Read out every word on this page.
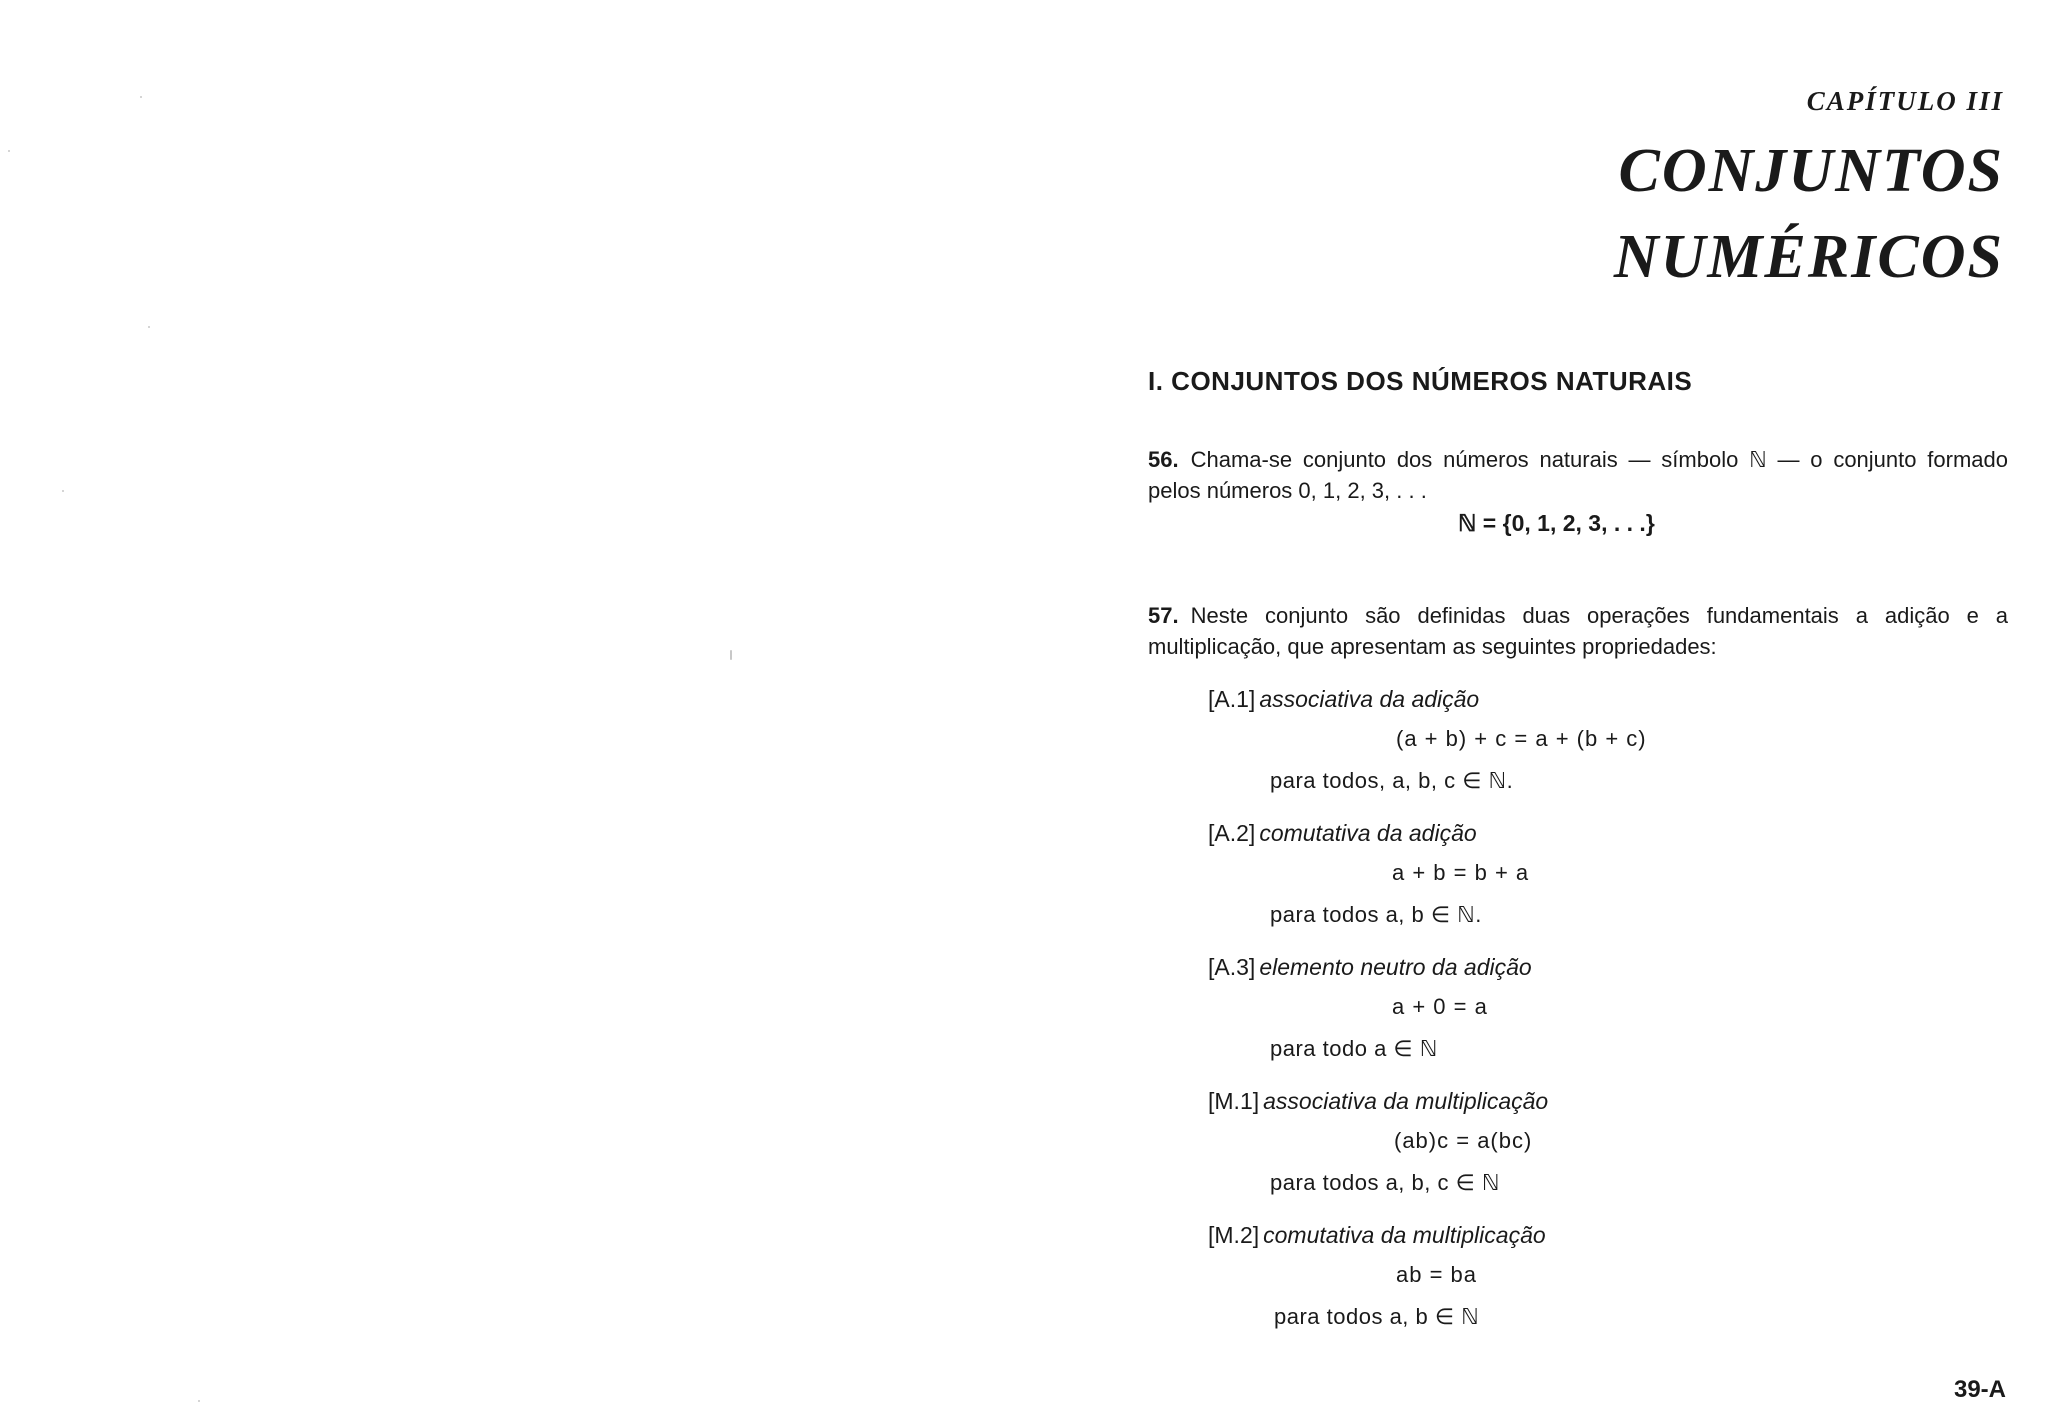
CAPÍTULO III
CONJUNTOS
NUMÉRICOS
I. CONJUNTOS DOS NÚMEROS NATURAIS
56. Chama-se conjunto dos números naturais — símbolo ℕ — o conjunto formado pelos números 0, 1, 2, 3, . . .
ℕ = {0, 1, 2, 3, . . .}
57. Neste conjunto são definidas duas operações fundamentais a adição e a multiplicação, que apresentam as seguintes propriedades:
[A.1] associativa da adição
(a + b) + c = a + (b + c)
para todos, a, b, c ∈ ℕ.
[A.2] comutativa da adição
a + b = b + a
para todos a, b ∈ ℕ.
[A.3] elemento neutro da adição
a + 0 = a
para todo a ∈ ℕ
[M.1] associativa da multiplicação
(ab)c = a(bc)
para todos a, b, c ∈ ℕ
[M.2] comutativa da multiplicação
ab = ba
para todos a, b ∈ ℕ
39-A
